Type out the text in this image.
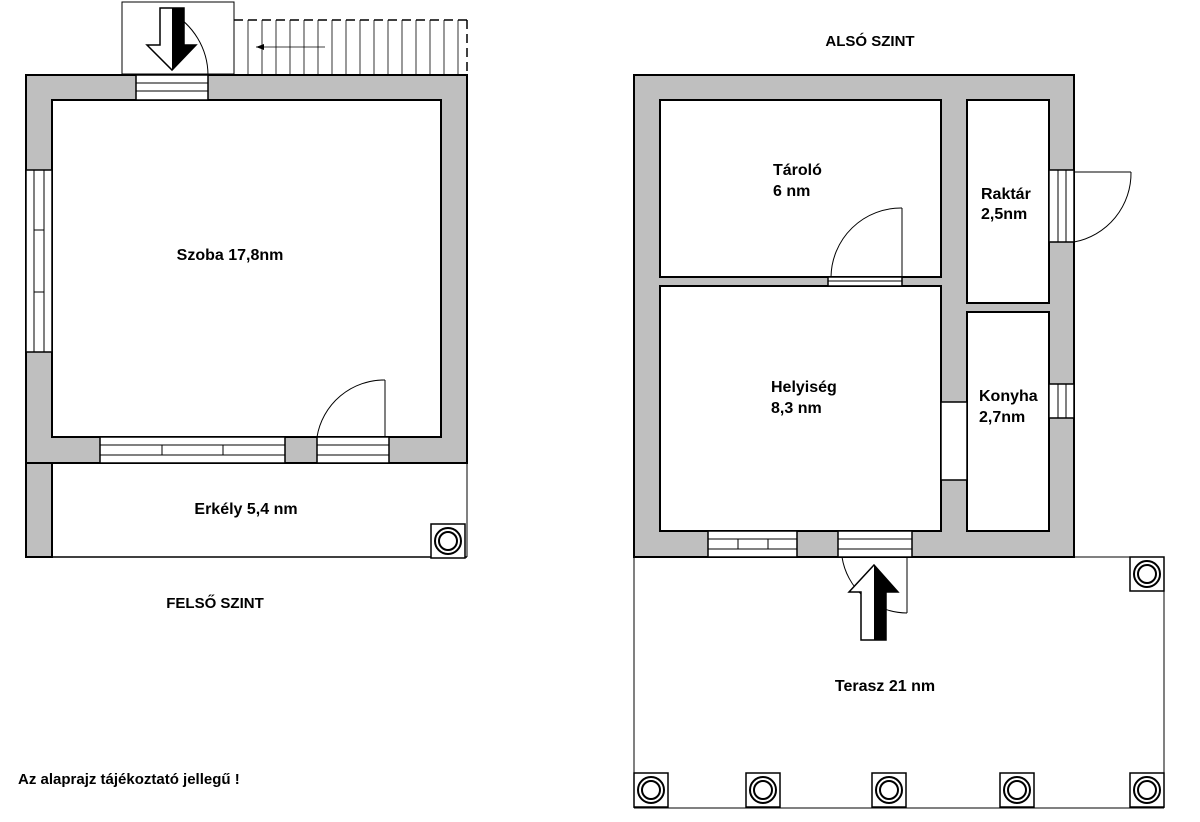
Szoba 17,8nm
Erkély 5,4 nm
FELSŐ SZINT
ALSÓ SZINT
Tároló
6 nm	Raktár
2,5nm
Helyiség
8,3 nm
Konyha
2,7nm
Terasz 21 nm
Az alaprajz tájékoztató jellegű !
